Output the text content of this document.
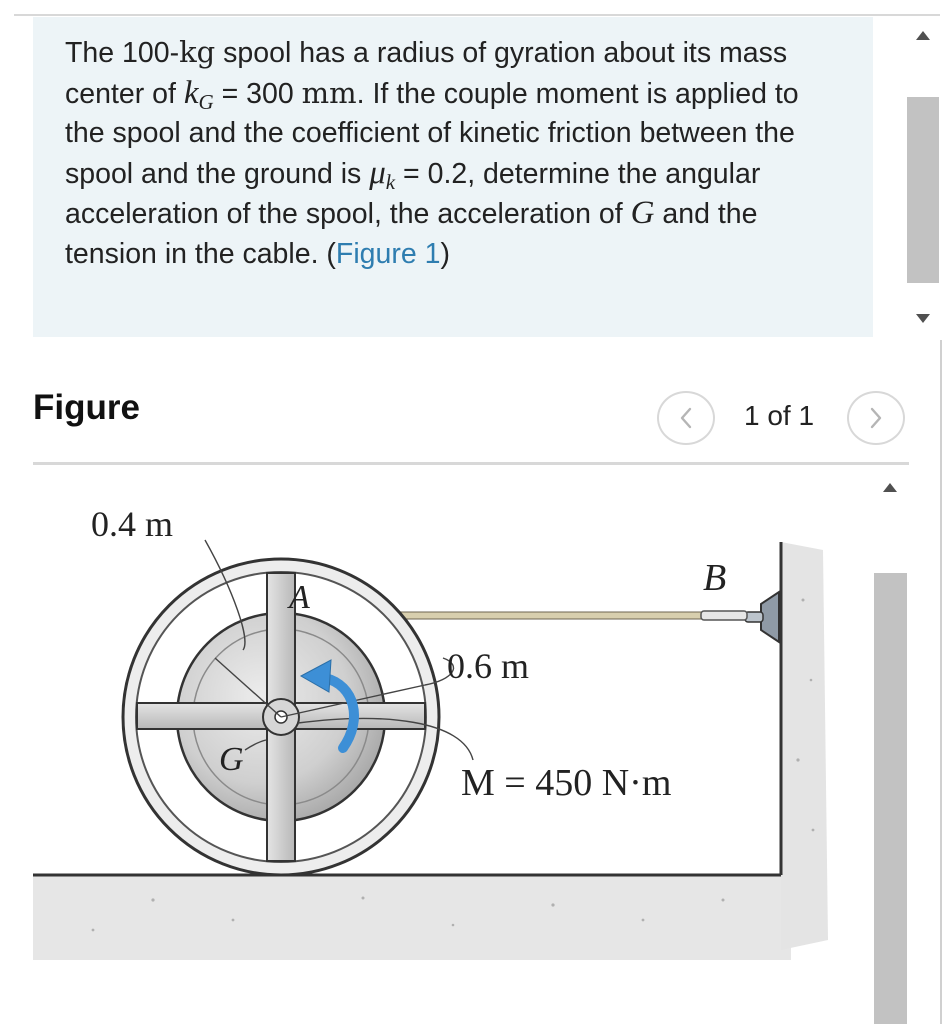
The 100-kg spool has a radius of gyration about its mass center of $k_G = 300$ mm. If the couple moment is applied to the spool and the coefficient of kinetic friction between the spool and the ground is $\mu_k = 0.2$, determine the angular acceleration of the spool, the acceleration of G and the tension in the cable. (Figure 1)

Figure	1 of 1
0.4 m
A	B
0.6 m
G
M = 450 N·m
